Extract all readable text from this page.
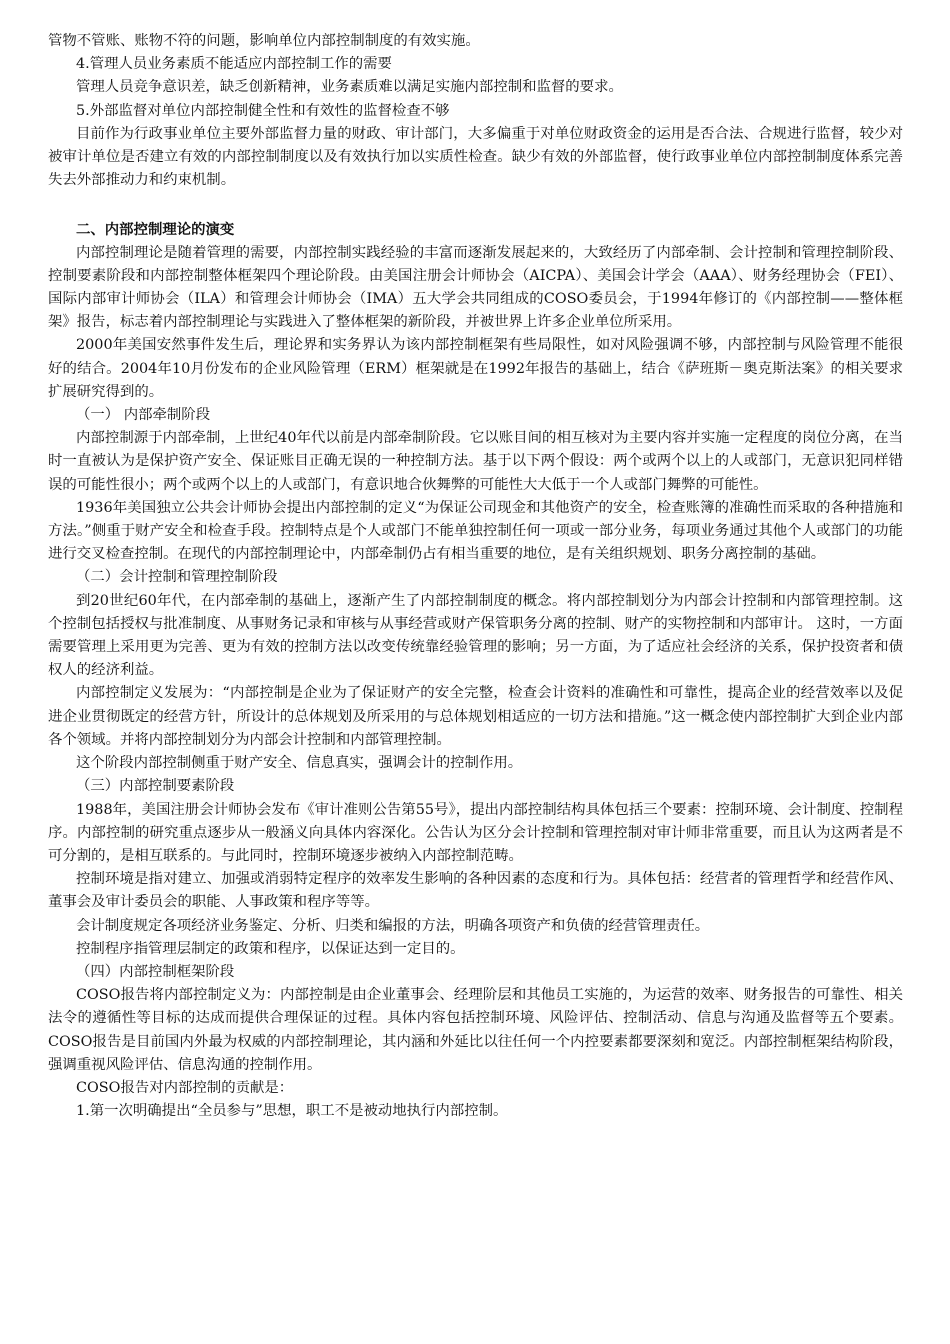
管物不管账、账物不符的问题，影响单位内部控制制度的有效实施。

4.管理人员业务素质不能适应内部控制工作的需要

管理人员竞争意识差，缺乏创新精神，业务素质难以满足实施内部控制和监督的要求。

5.外部监督对单位内部控制健全性和有效性的监督检查不够

目前作为行政事业单位主要外部监督力量的财政、审计部门，大多偏重于对单位财政资金的运用是否合法、合规进行监督，较少对被审计单位是否建立有效的内部控制制度以及有效执行加以实质性检查。缺少有效的外部监督，使行政事业单位内部控制制度体系完善失去外部推动力和约束机制。

二、内部控制理论的演变

内部控制理论是随着管理的需要，内部控制实践经验的丰富而逐渐发展起来的，大致经历了内部牵制、会计控制和管理控制阶段、控制要素阶段和内部控制整体框架四个理论阶段。由美国注册会计师协会（AICPA）、美国会计学会（AAA）、财务经理协会（FEI）、国际内部审计师协会（ILA）和管理会计师协会（IMA）五大学会共同组成的COSO委员会，于1994年修订的《内部控制——整体框架》报告，标志着内部控制理论与实践进入了整体框架的新阶段，并被世界上许多企业单位所采用。

2000年美国安然事件发生后，理论界和实务界认为该内部控制框架有些局限性，如对风险强调不够，内部控制与风险管理不能很好的结合。2004年10月份发布的企业风险管理（ERM）框架就是在1992年报告的基础上，结合《萨班斯－奥克斯法案》的相关要求扩展研究得到的。

（一） 内部牵制阶段

内部控制源于内部牵制，上世纪40年代以前是内部牵制阶段。它以账目间的相互核对为主要内容并实施一定程度的岗位分离，在当时一直被认为是保护资产安全、保证账目正确无误的一种控制方法。基于以下两个假设：两个或两个以上的人或部门，无意识犯同样错误的可能性很小；两个或两个以上的人或部门，有意识地合伙舞弊的可能性大大低于一个人或部门舞弊的可能性。

1936年美国独立公共会计师协会提出内部控制的定义“为保证公司现金和其他资产的安全，检查账簿的准确性而采取的各种措施和方法。”侧重于财产安全和检查手段。控制特点是个人或部门不能单独控制任何一项或一部分业务，每项业务通过其他个人或部门的功能进行交叉检查控制。在现代的内部控制理论中，内部牵制仍占有相当重要的地位，是有关组织规划、职务分离控制的基础。

（二）会计控制和管理控制阶段

到20世纪60年代，在内部牵制的基础上，逐渐产生了内部控制制度的概念。将内部控制划分为内部会计控制和内部管理控制。这个控制包括授权与批准制度、从事财务记录和审核与从事经营或财产保管职务分离的控制、财产的实物控制和内部审计。 这时，一方面需要管理上采用更为完善、更为有效的控制方法以改变传统靠经验管理的影响；另一方面，为了适应社会经济的关系，保护投资者和债权人的经济利益。

内部控制定义发展为：“内部控制是企业为了保证财产的安全完整，检查会计资料的准确性和可靠性，提高企业的经营效率以及促进企业贯彻既定的经营方针，所设计的总体规划及所采用的与总体规划相适应的一切方法和措施。”这一概念使内部控制扩大到企业内部各个领域。并将内部控制划分为内部会计控制和内部管理控制。

这个阶段内部控制侧重于财产安全、信息真实，强调会计的控制作用。

（三）内部控制要素阶段

1988年，美国注册会计师协会发布《审计准则公告第55号》，提出内部控制结构具体包括三个要素：控制环境、会计制度、控制程序。内部控制的研究重点逐步从一般涵义向具体内容深化。公告认为区分会计控制和管理控制对审计师非常重要，而且认为这两者是不可分割的，是相互联系的。与此同时，控制环境逐步被纳入内部控制范畴。

控制环境是指对建立、加强或消弱特定程序的效率发生影响的各种因素的态度和行为。具体包括：经营者的管理哲学和经营作风、董事会及审计委员会的职能、人事政策和程序等等。

会计制度规定各项经济业务鉴定、分析、归类和编报的方法，明确各项资产和负债的经营管理责任。

控制程序指管理层制定的政策和程序，以保证达到一定目的。

（四）内部控制框架阶段

COSO报告将内部控制定义为：内部控制是由企业董事会、经理阶层和其他员工实施的，为运营的效率、财务报告的可靠性、相关法令的遵循性等目标的达成而提供合理保证的过程。具体内容包括控制环境、风险评估、控制活动、信息与沟通及监督等五个要素。COSO报告是目前国内外最为权威的内部控制理论，其内涵和外延比以往任何一个内控要素都要深刻和宽泛。内部控制框架结构阶段，强调重视风险评估、信息沟通的控制作用。

COSO报告对内部控制的贡献是：

1.第一次明确提出“全员参与”思想，职工不是被动地执行内部控制。
